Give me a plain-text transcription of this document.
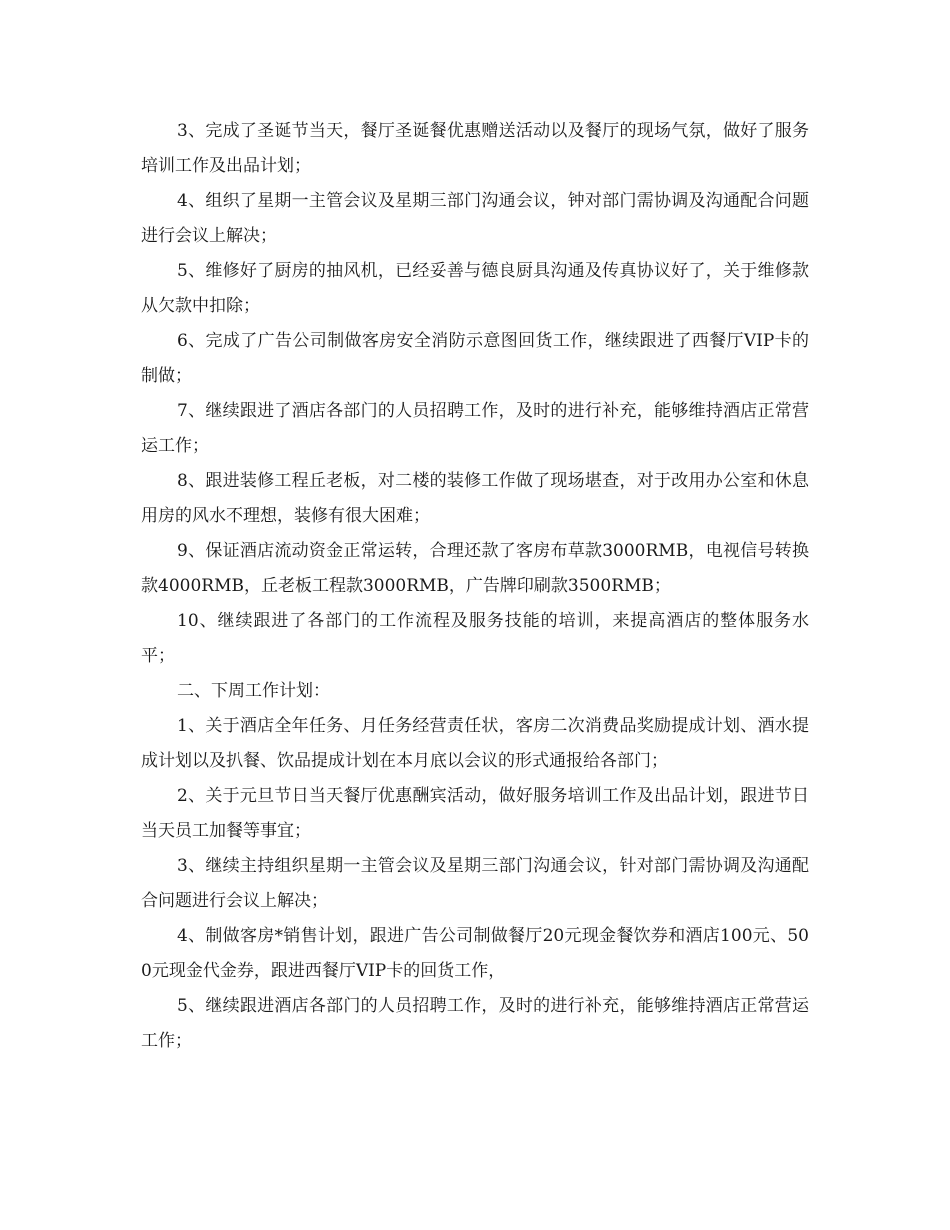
3、完成了圣诞节当天，餐厅圣诞餐优惠赠送活动以及餐厅的现场气氛，做好了服务培训工作及出品计划；

4、组织了星期一主管会议及星期三部门沟通会议，钟对部门需协调及沟通配合问题进行会议上解决；

5、维修好了厨房的抽风机，已经妥善与德良厨具沟通及传真协议好了，关于维修款从欠款中扣除；

6、完成了广告公司制做客房安全消防示意图回货工作，继续跟进了西餐厅VIP卡的制做；

7、继续跟进了酒店各部门的人员招聘工作，及时的进行补充，能够维持酒店正常营运工作；

8、跟进装修工程丘老板，对二楼的装修工作做了现场堪查，对于改用办公室和休息用房的风水不理想，装修有很大困难；

9、保证酒店流动资金正常运转，合理还款了客房布草款3000RMB，电视信号转换款4000RMB，丘老板工程款3000RMB，广告牌印刷款3500RMB；

10、继续跟进了各部门的工作流程及服务技能的培训，来提高酒店的整体服务水平；

二、下周工作计划：

1、关于酒店全年任务、月任务经营责任状，客房二次消费品奖励提成计划、酒水提成计划以及扒餐、饮品提成计划在本月底以会议的形式通报给各部门；

2、关于元旦节日当天餐厅优惠酬宾活动，做好服务培训工作及出品计划，跟进节日当天员工加餐等事宜；

3、继续主持组织星期一主管会议及星期三部门沟通会议，针对部门需协调及沟通配合问题进行会议上解决；

4、制做客房*销售计划，跟进广告公司制做餐厅20元现金餐饮券和酒店100元、500元现金代金券，跟进西餐厅VIP卡的回货工作，

5、继续跟进酒店各部门的人员招聘工作，及时的进行补充，能够维持酒店正常营运工作；
